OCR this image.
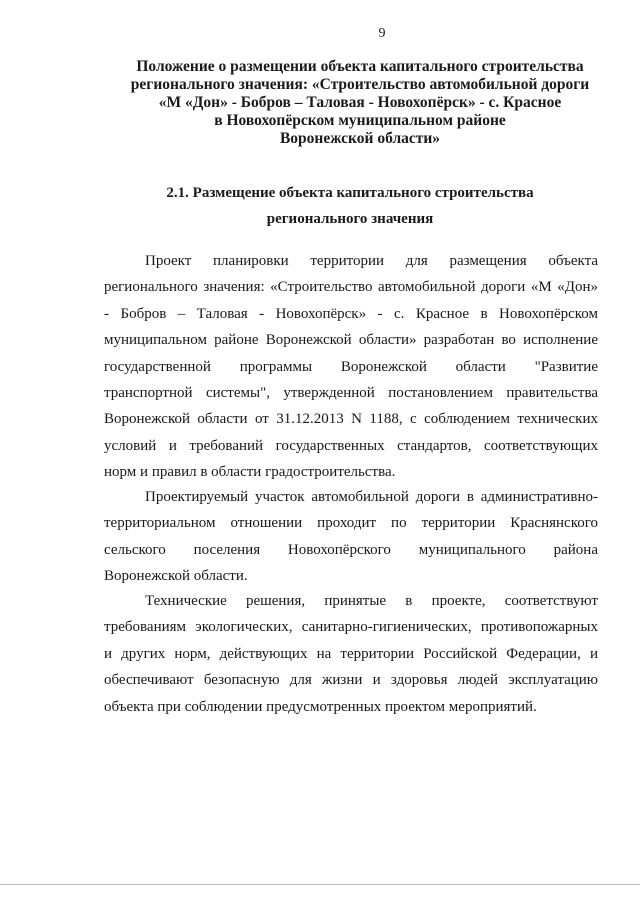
9
Положение о размещении объекта капитального строительства
регионального значения: «Строительство автомобильной дороги
«М «Дон» - Бобров – Таловая - Новохопёрск» - с. Красное
в Новохопёрском муниципальном районе
Воронежской области»
2.1. Размещение объекта капитального строительства
регионального значения
Проект планировки территории для размещения объекта
регионального значения: «Строительство автомобильной дороги «М «Дон»
- Бобров – Таловая - Новохопёрск» - с. Красное в Новохопёрском
муниципальном районе Воронежской области» разработан во исполнение
государственной программы Воронежской области "Развитие
транспортной системы", утвержденной постановлением правительства
Воронежской области от 31.12.2013 N 1188, с соблюдением технических
условий и требований государственных стандартов, соответствующих
норм и правил в области градостроительства.
Проектируемый участок автомобильной дороги в административно-
территориальном отношении проходит по территории Краснянского
сельского поселения Новохопёрского муниципального района
Воронежской области.
Технические решения, принятые в проекте, соответствуют
требованиям экологических, санитарно-гигиенических, противопожарных
и других норм, действующих на территории Российской Федерации, и
обеспечивают безопасную для жизни и здоровья людей эксплуатацию
объекта при соблюдении предусмотренных проектом мероприятий.
